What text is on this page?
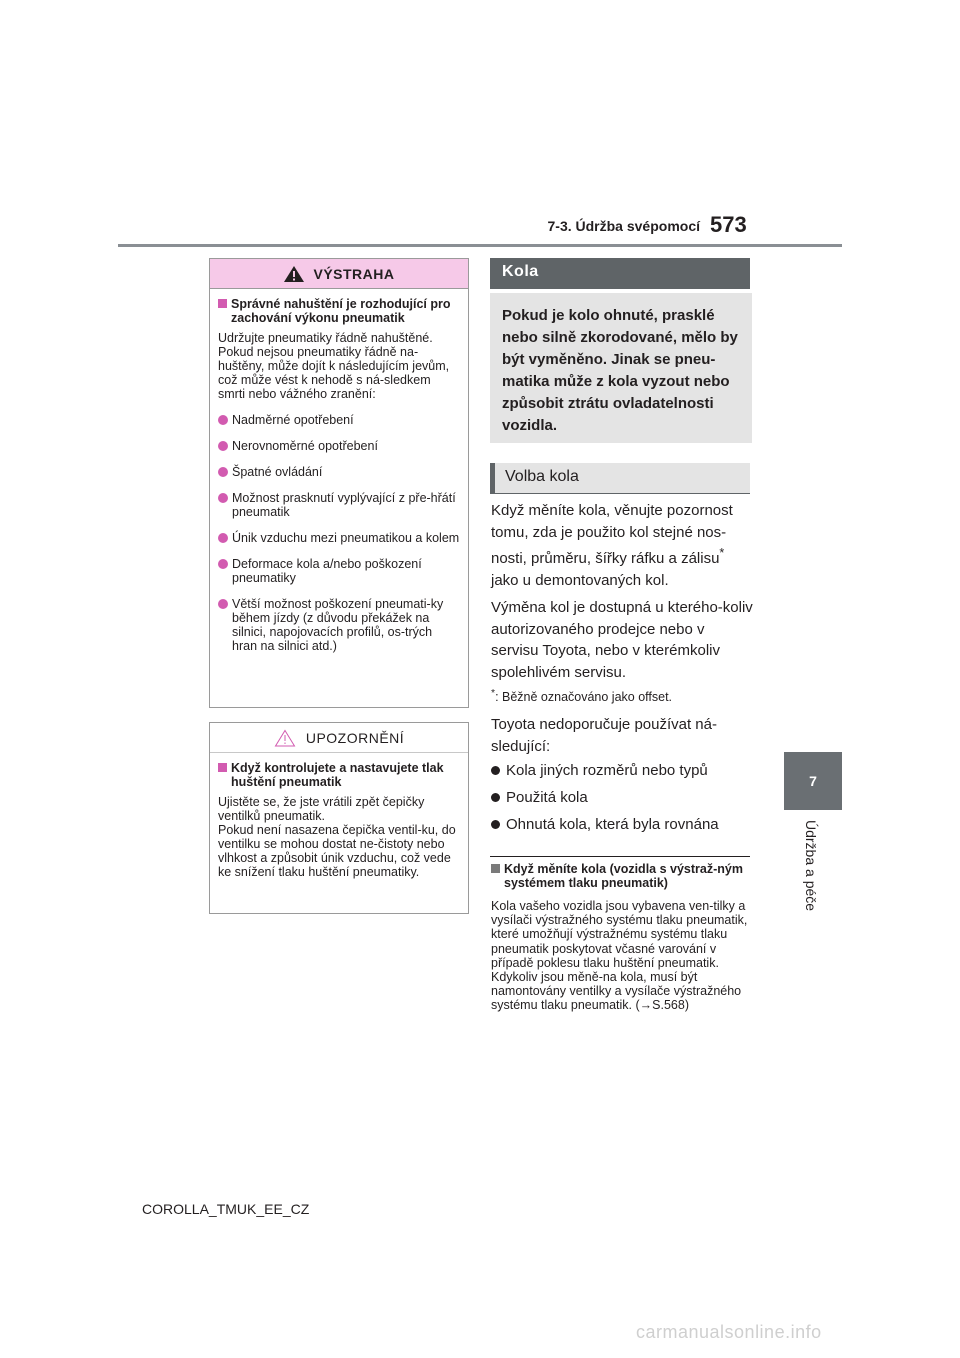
7-3. Údržba svépomocí 573
7
Údržba a péče
VÝSTRAHA
Správné nahuštění je rozhodující pro zachování výkonu pneumatik
Udržujte pneumatiky řádně nahuštěné. Pokud nejsou pneumatiky řádně na-huštěny, může dojít k následujícím jevům, což může vést k nehodě s ná-sledkem smrti nebo vážného zranění:
Nadměrné opotřebení
Nerovnoměrné opotřebení
Špatné ovládání
Možnost prasknutí vyplývající z pře-hřátí pneumatik
Únik vzduchu mezi pneumatikou a kolem
Deformace kola a/nebo poškození pneumatiky
Větší možnost poškození pneumati-ky během jízdy (z důvodu překážek na silnici, napojovacích profilů, os-trých hran na silnici atd.)
UPOZORNĚNÍ
Když kontrolujete a nastavujete tlak huštění pneumatik
Ujistěte se, že jste vrátili zpět čepičky ventilků pneumatik.
Pokud není nasazena čepička ventil-ku, do ventilku se mohou dostat ne-čistoty nebo vlhkost a způsobit únik vzduchu, což vede ke snížení tlaku huštění pneumatiky.
Kola
Pokud je kolo ohnuté, prasklé nebo silně zkorodované, mělo by být vyměněno. Jinak se pneu-matika může z kola vyzout nebo způsobit ztrátu ovladatelnosti vozidla.
Volba kola
Když měníte kola, věnujte pozornost tomu, zda je použito kol stejné nos-nosti, průměru, šířky ráfku a zálisu* jako u demontovaných kol.
Výměna kol je dostupná u kterého-koliv autorizovaného prodejce nebo v servisu Toyota, nebo v kterémkoliv spolehlivém servisu.
*: Běžně označováno jako offset.
Toyota nedoporučuje používat ná-sledující:
Kola jiných rozměrů nebo typů
Použitá kola
Ohnutá kola, která byla rovnána
Když měníte kola (vozidla s výstraž-ným systémem tlaku pneumatik)
Kola vašeho vozidla jsou vybavena ven-tilky a vysílači výstražného systému tlaku pneumatik, které umožňují výstražnému systému tlaku pneumatik poskytovat včasné varování v případě poklesu tlaku huštění pneumatik. Kdykoliv jsou měně-na kola, musí být namontovány ventilky a vysílače výstražného systému tlaku pneumatik. (→S.568)
COROLLA_TMUK_EE_CZ
carmanualsonline.info
